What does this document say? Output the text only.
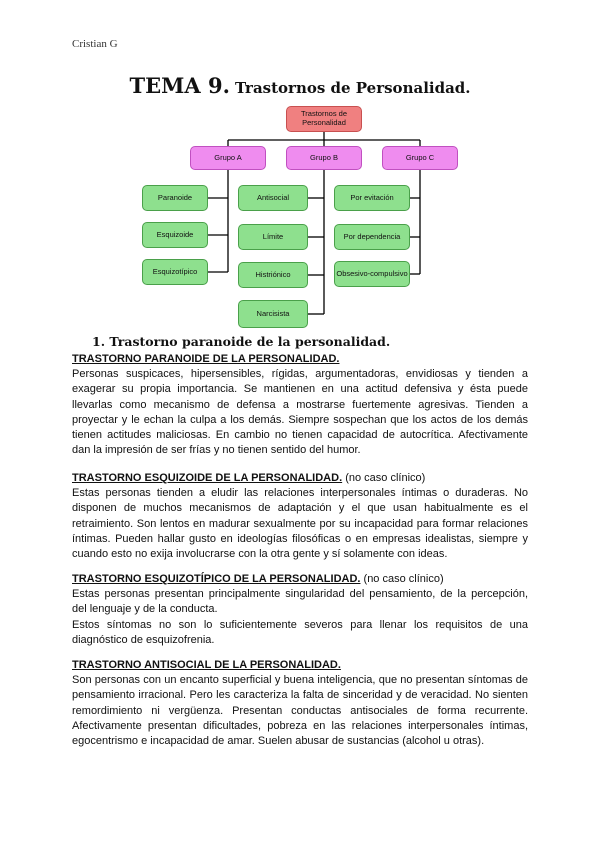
Cristian G
TEMA 9. Trastornos de Personalidad.
Trastornos de Personalidad
Grupo A	Grupo B	Grupo C
Paranoide
Esquizoide
Esquizotípico
Antisocial
Límite
Histriónico
Narcisista
Por evitación
Por dependencia
Obsesivo-compulsivo
1. Trastorno paranoide de la personalidad.

TRASTORNO PARANOIDE DE LA PERSONALIDAD.

Personas suspicaces, hipersensibles, rígidas, argumentadoras, envidiosas y tienden a exagerar su propia importancia. Se mantienen en una actitud defensiva y ésta puede llevarlas como mecanismo de defensa a mostrarse fuertemente agresivas. Tienden a proyectar y le echan la culpa a los demás. Siempre sospechan que los actos de los demás tienen actitudes maliciosas. En cambio no tienen capacidad de autocrítica. Afectivamente dan la impresión de ser frías y no tienen sentido del humor.

TRASTORNO ESQUIZOIDE DE LA PERSONALIDAD. (no caso clínico)

Estas personas tienden a eludir las relaciones interpersonales íntimas o duraderas. No disponen de muchos mecanismos de adaptación y el que usan habitualmente es el retraimiento. Son lentos en madurar sexualmente por su incapacidad para formar relaciones íntimas. Pueden hallar gusto en ideologías filosóficas o en empresas idealistas, siempre y cuando esto no exija involucrarse con la otra gente y sí solamente con ideas.

TRASTORNO ESQUIZOTÍPICO DE LA PERSONALIDAD. (no caso clínico)

Estas personas presentan principalmente singularidad del pensamiento, de la percepción, del lenguaje y de la conducta.

Estos síntomas no son lo suficientemente severos para llenar los requisitos de una diagnóstico de esquizofrenia.

TRASTORNO ANTISOCIAL DE LA PERSONALIDAD.

Son personas con un encanto superficial y buena inteligencia, que no presentan síntomas de pensamiento irracional. Pero les caracteriza la falta de sinceridad y de veracidad. No sienten remordimiento ni vergüenza. Presentan conductas antisociales de forma recurrente. Afectivamente presentan dificultades, pobreza en las relaciones interpersonales íntimas, egocentrismo e incapacidad de amar. Suelen abusar de sustancias (alcohol u otras).
